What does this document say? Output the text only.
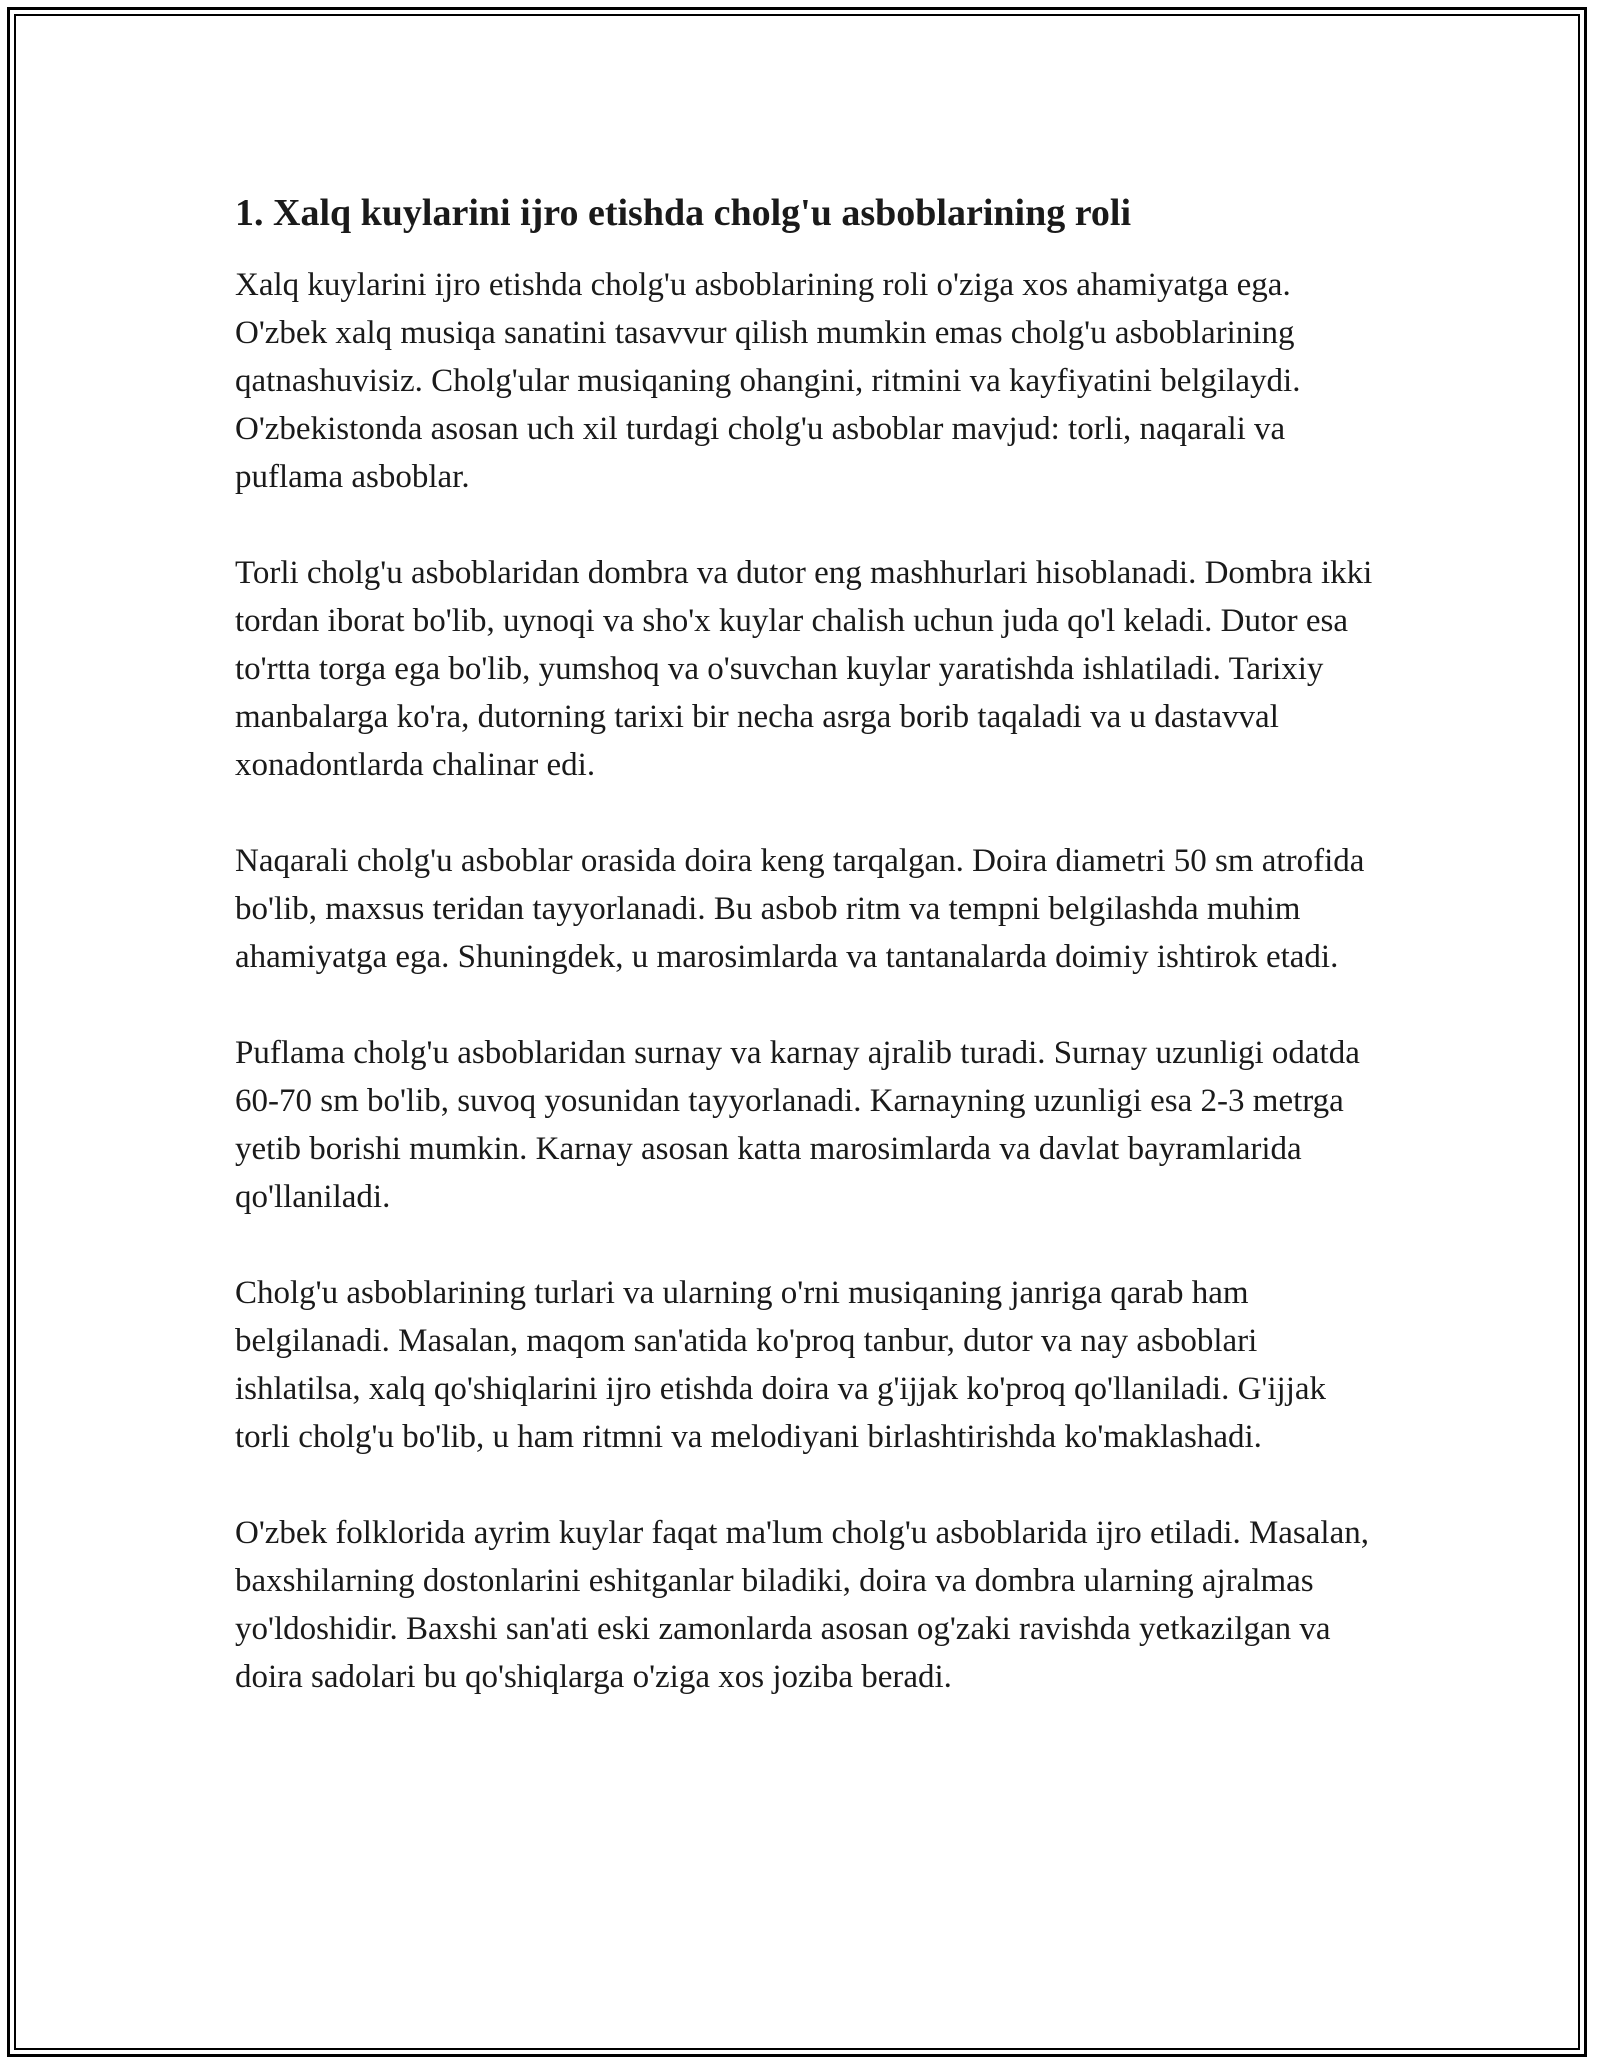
1. Xalq kuylarini ijro etishda cholg'u asboblarining roli

Xalq kuylarini ijro etishda cholg'u asboblarining roli o'ziga xos ahamiyatga ega. O'zbek xalq musiqa sanatini tasavvur qilish mumkin emas cholg'u asboblarining qatnashuvisiz. Cholg'ular musiqaning ohangini, ritmini va kayfiyatini belgilaydi. O'zbekistonda asosan uch xil turdagi cholg'u asboblar mavjud: torli, naqarali va puflama asboblar.

Torli cholg'u asboblaridan dombra va dutor eng mashhurlari hisoblanadi. Dombra ikki tordan iborat bo'lib, uynoqi va sho'x kuylar chalish uchun juda qo'l keladi. Dutor esa to'rtta torga ega bo'lib, yumshoq va o'suvchan kuylar yaratishda ishlatiladi. Tarixiy manbalarga ko'ra, dutorning tarixi bir necha asrga borib taqaladi va u dastavval xonadontlarda chalinar edi.

Naqarali cholg'u asboblar orasida doira keng tarqalgan. Doira diametri 50 sm atrofida bo'lib, maxsus teridan tayyorlanadi. Bu asbob ritm va tempni belgilashda muhim ahamiyatga ega. Shuningdek, u marosimlarda va tantanalarda doimiy ishtirok etadi.

Puflama cholg'u asboblaridan surnay va karnay ajralib turadi. Surnay uzunligi odatda 60-70 sm bo'lib, suvoq yosunidan tayyorlanadi. Karnayning uzunligi esa 2-3 metrga yetib borishi mumkin. Karnay asosan katta marosimlarda va davlat bayramlarida qo'llaniladi.

Cholg'u asboblarining turlari va ularning o'rni musiqaning janriga qarab ham belgilanadi. Masalan, maqom san'atida ko'proq tanbur, dutor va nay asboblari ishlatilsa, xalq qo'shiqlarini ijro etishda doira va g'ijjak ko'proq qo'llaniladi. G'ijjak torli cholg'u bo'lib, u ham ritmni va melodiyani birlashtirishda ko'maklashadi.

O'zbek folklorida ayrim kuylar faqat ma'lum cholg'u asboblarida ijro etiladi. Masalan, baxshilarning dostonlarini eshitganlar biladiki, doira va dombra ularning ajralmas yo'ldoshidir. Baxshi san'ati eski zamonlarda asosan og'zaki ravishda yetkazilgan va doira sadolari bu qo'shiqlarga o'ziga xos joziba beradi.
